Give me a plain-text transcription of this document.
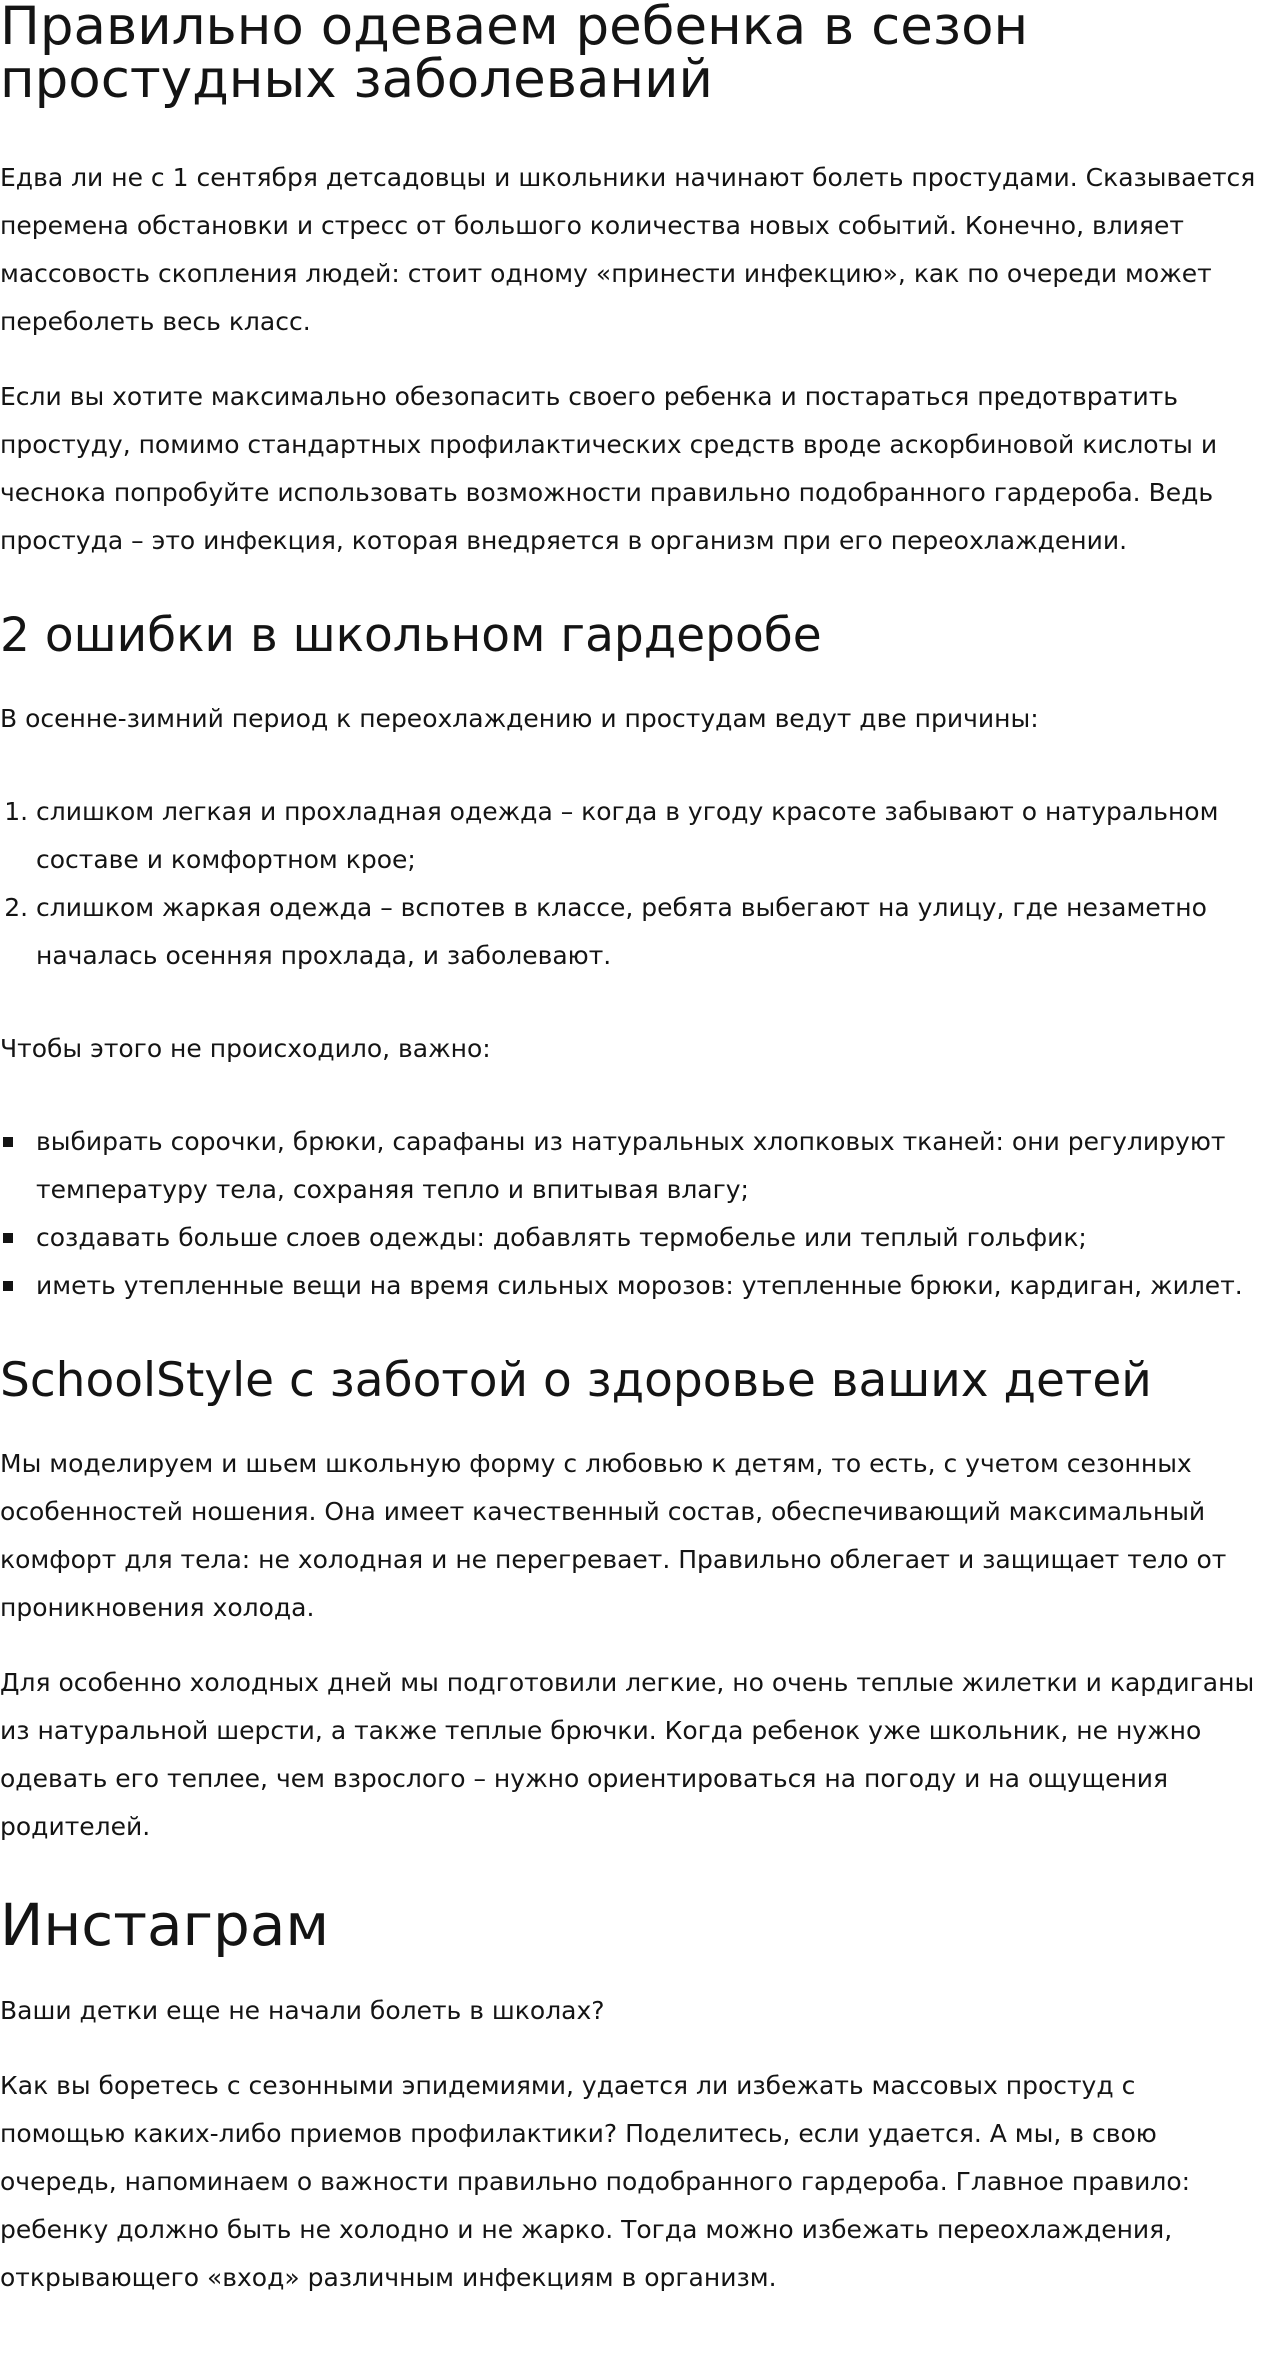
Правильно одеваем ребенка в сезон простудных заболеваний

Едва ли не с 1 сентября детсадовцы и школьники начинают болеть простудами. Сказывается перемена обстановки и стресс от большого количества новых событий. Конечно, влияет массовость скопления людей: стоит одному «принести инфекцию», как по очереди может переболеть весь класс.

Если вы хотите максимально обезопасить своего ребенка и постараться предотвратить простуду, помимо стандартных профилактических средств вроде аскорбиновой кислоты и чеснока попробуйте использовать возможности правильно подобранного гардероба. Ведь простуда – это инфекция, которая внедряется в организм при его переохлаждении.

2 ошибки в школьном гардеробе

В осенне-зимний период к переохлаждению и простудам ведут две причины:

1. слишком легкая и прохладная одежда – когда в угоду красоте забывают о натуральном составе и комфортном крое;
2. слишком жаркая одежда – вспотев в классе, ребята выбегают на улицу, где незаметно началась осенняя прохлада, и заболевают.

Чтобы этого не происходило, важно:

выбирать сорочки, брюки, сарафаны из натуральных хлопковых тканей: они регулируют температуру тела, сохраняя тепло и впитывая влагу;
создавать больше слоев одежды: добавлять термобелье или теплый гольфик;
иметь утепленные вещи на время сильных морозов: утепленные брюки, кардиган, жилет.
SchoolStyle с заботой о здоровье ваших детей

Мы моделируем и шьем школьную форму с любовью к детям, то есть, с учетом сезонных особенностей ношения. Она имеет качественный состав, обеспечивающий максимальный комфорт для тела: не холодная и не перегревает. Правильно облегает и защищает тело от проникновения холода.

Для особенно холодных дней мы подготовили легкие, но очень теплые жилетки и кардиганы из натуральной шерсти, а также теплые брючки. Когда ребенок уже школьник, не нужно одевать его теплее, чем взрослого – нужно ориентироваться на погоду и на ощущения родителей.

Инстаграм

Ваши детки еще не начали болеть в школах?

Как вы боретесь с сезонными эпидемиями, удается ли избежать массовых простуд с помощью каких-либо приемов профилактики? Поделитесь, если удается. А мы, в свою очередь, напоминаем о важности правильно подобранного гардероба. Главное правило: ребенку должно быть не холодно и не жарко. Тогда можно избежать переохлаждения, открывающего «вход» различным инфекциям в организм.
